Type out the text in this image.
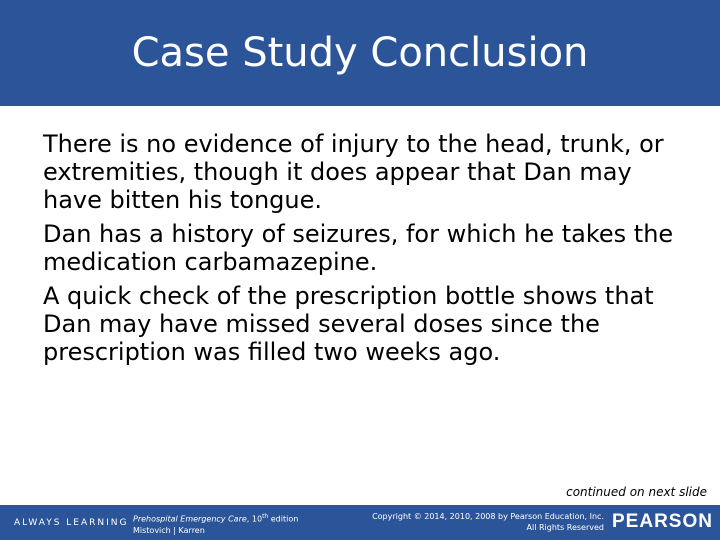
Case Study Conclusion

There is no evidence of injury to the head, trunk, or extremities, though it does appear that Dan may have bitten his tongue.

Dan has a history of seizures, for which he takes the medication carbamazepine.

A quick check of the prescription bottle shows that Dan may have missed several doses since the prescription was filled two weeks ago.

continued on next slide
ALWAYS LEARNING Prehospital Emergency Care, 10th edition
Mistovich | Karren
Copyright © 2014, 2010, 2008 by Pearson Education, Inc.
All Rights Reserved PEARSON
